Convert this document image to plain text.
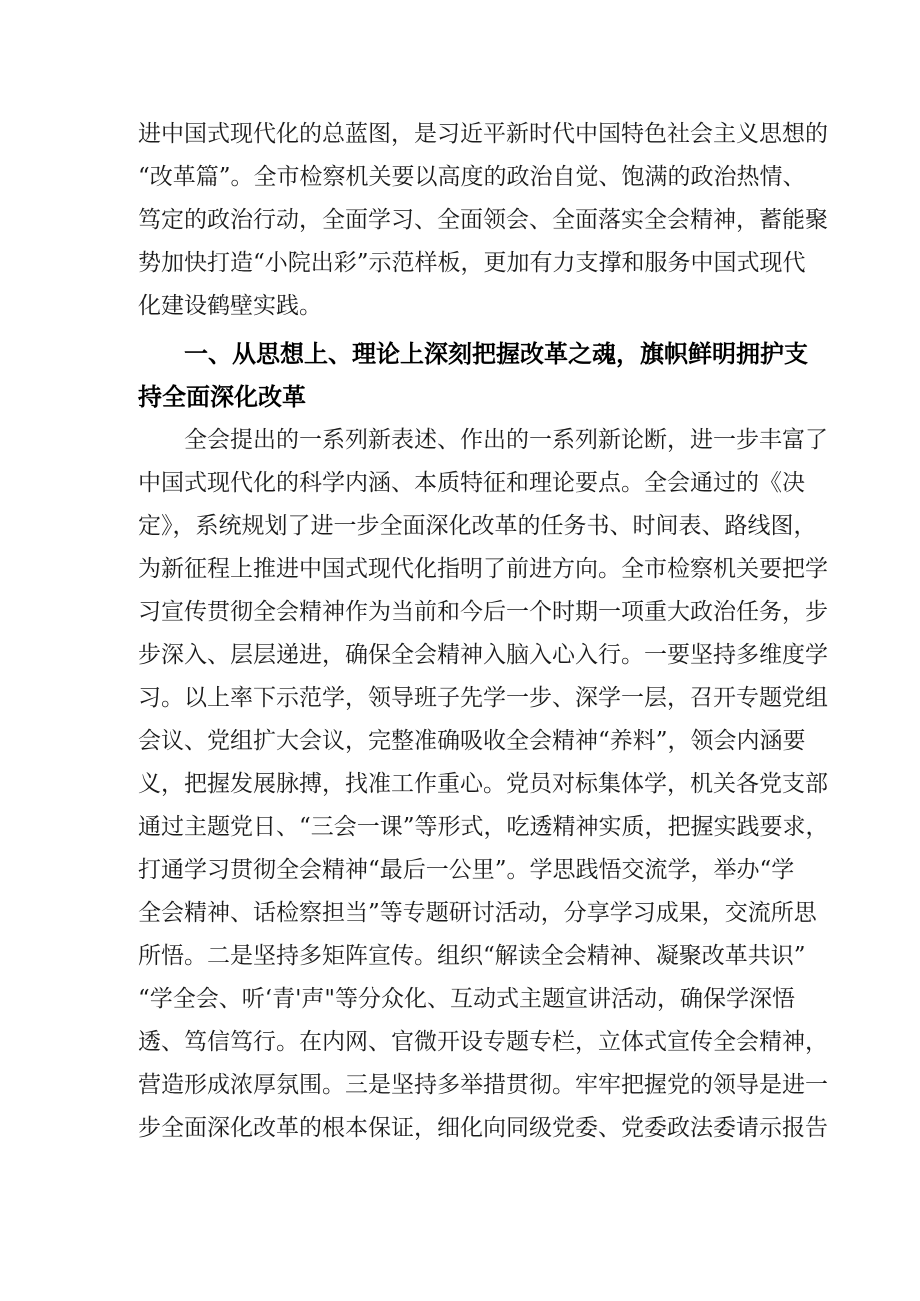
进中国式现代化的总蓝图，是习近平新时代中国特色社会主义思想的

“改革篇”。全市检察机关要以高度的政治自觉、饱满的政治热情、

笃定的政治行动，全面学习、全面领会、全面落实全会精神，蓄能聚

势加快打造“小院出彩”示范样板，更加有力支撑和服务中国式现代

化建设鹤壁实践。

一、从思想上、理论上深刻把握改革之魂，旗帜鲜明拥护支

持全面深化改革

全会提出的一系列新表述、作出的一系列新论断，进一步丰富了

中国式现代化的科学内涵、本质特征和理论要点。全会通过的《决

定》，系统规划了进一步全面深化改革的任务书、时间表、路线图，

为新征程上推进中国式现代化指明了前进方向。全市检察机关要把学

习宣传贯彻全会精神作为当前和今后一个时期一项重大政治任务，步

步深入、层层递进，确保全会精神入脑入心入行。一要坚持多维度学

习。以上率下示范学，领导班子先学一步、深学一层，召开专题党组

会议、党组扩大会议，完整准确吸收全会精神“养料”，领会内涵要

义，把握发展脉搏，找准工作重心。党员对标集体学，机关各党支部

通过主题党日、“三会一课”等形式，吃透精神实质，把握实践要求，

打通学习贯彻全会精神“最后一公里”。学思践悟交流学，举办“学

全会精神、话检察担当”等专题研讨活动，分享学习成果，交流所思

所悟。二是坚持多矩阵宣传。组织“解读全会精神、凝聚改革共识”

“学全会、听‘青'声"等分众化、互动式主题宣讲活动，确保学深悟

透、笃信笃行。在内网、官微开设专题专栏，立体式宣传全会精神，

营造形成浓厚氛围。三是坚持多举措贯彻。牢牢把握党的领导是进一

步全面深化改革的根本保证，细化向同级党委、党委政法委请示报告
